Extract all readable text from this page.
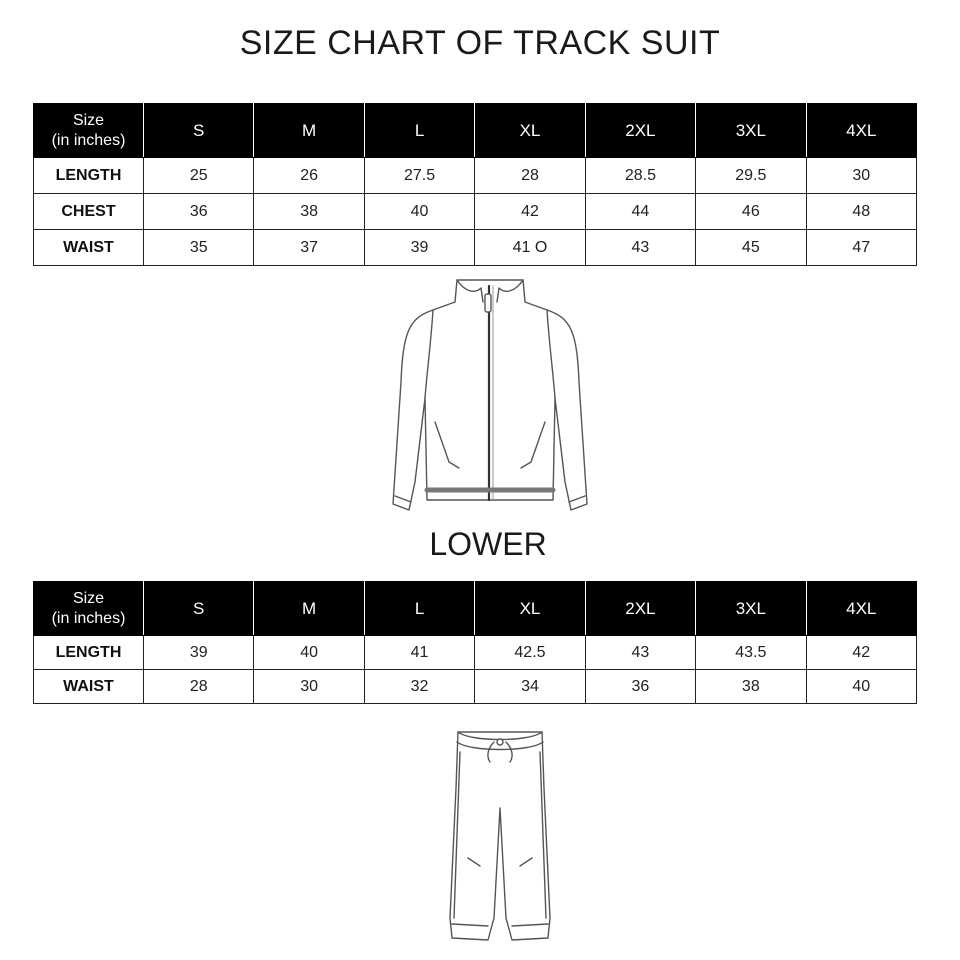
SIZE CHART OF TRACK SUIT
Size
(in inches)	S	M	L	XL	2XL	3XL	4XL
LENGTH	25	26	27.5	28	28.5	29.5	30
CHEST	36	38	40	42	44	46	48
WAIST	35	37	39	41 O	43	45	47
LOWER
Size
(in inches)	S	M	L	XL	2XL	3XL	4XL
LENGTH	39	40	41	42.5	43	43.5	42
WAIST	28	30	32	34	36	38	40
